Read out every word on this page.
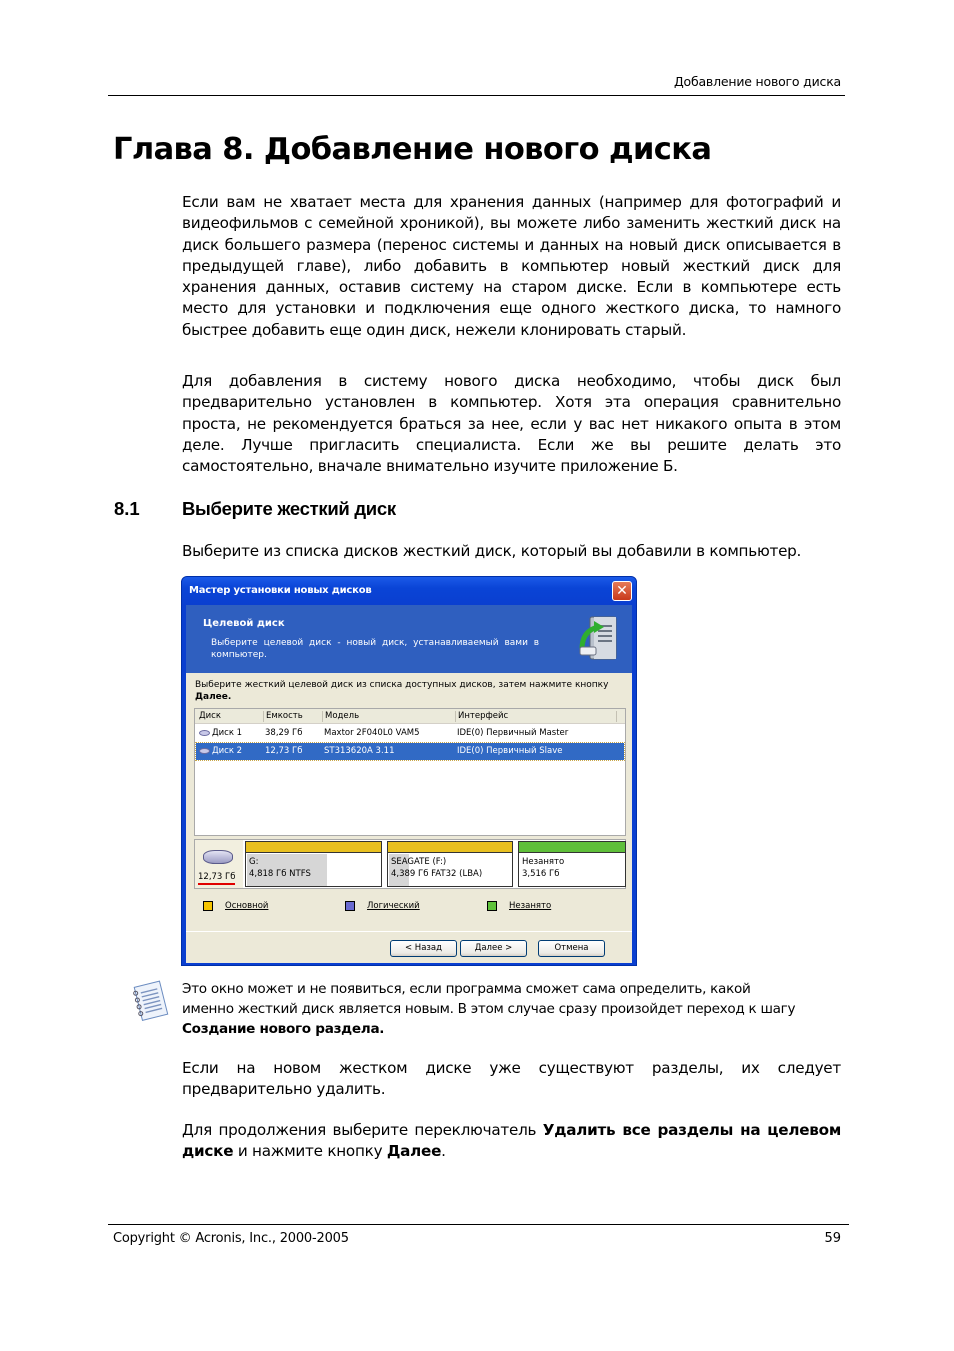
Добавление нового диска
Глава 8. Добавление нового диска

Если вам не хватает места для хранения данных (например для фотографий и видеофильмов с семейной хроникой), вы можете либо заменить жесткий диск на диск большего размера (перенос системы и данных на новый диск описывается в предыдущей главе), либо добавить в компьютер новый жесткий диск для хранения данных, оставив систему на старом диске. Если в компьютере есть место для установки и подключения еще одного жесткого диска, то намного быстрее добавить еще один диск, нежели клонировать старый.

Для добавления в систему нового диска необходимо, чтобы диск был предварительно установлен в компьютер. Хотя эта операция сравнительно проста, не рекомендуется браться за нее, если у вас нет никакого опыта в этом деле. Лучше пригласить специалиста. Если же вы решите делать это самостоятельно, вначале внимательно изучите приложение Б.

8.1 Выберите жесткий диск

Выберите из списка дисков жесткий диск, который вы добавили в компьютер.

Мастер установки новых дисков	✕
Целевой диск
Выберите целевой диск - новый диск, устанавливаемый вами в компьютер.
Выберите жесткий целевой диск из списка доступных дисков, затем нажмите кнопку
Далее.
Диск	Емкость	Модель	Интерфейс
Диск 1	38,29 Гб	Maxtor 2F040L0 VAM5	IDE(0) Первичный Master
Диск 2	12,73 Гб	ST313620A 3.11	IDE(0) Первичный Slave
12,73 Гб
G:
4,818 Гб NTFS
SEAGATE (F:)
4,389 Гб FAT32 (LBA)
Незанято
3,516 Гб
Основной	Логический	Незанято
< Назад	Далее >	Отмена

Это окно может и не появиться, если программа сможет сама определить, какой именно жесткий диск является новым. В этом случае сразу произойдет переход к шагу Создание нового раздела.

Если на новом жестком диске уже существуют разделы, их следует предварительно удалить.

Для продолжения выберите переключатель Удалить все разделы на целевом диске и нажмите кнопку Далее.

Copyright © Acronis, Inc., 2000-2005	59
